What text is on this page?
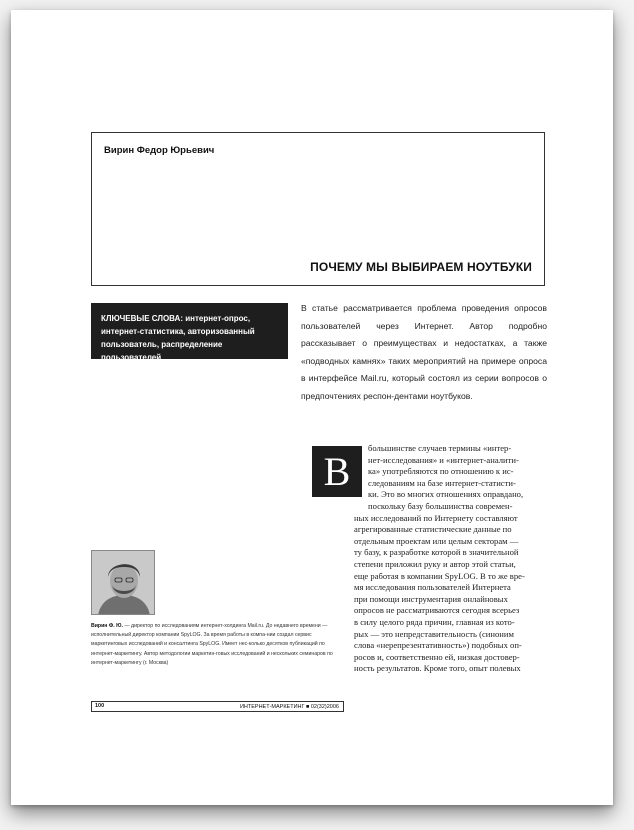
Вирин Федор Юрьевич
ПОЧЕМУ МЫ ВЫБИРАЕМ НОУТБУКИ
КЛЮЧЕВЫЕ СЛОВА: интернет-опрос, интернет-статистика, авторизованный пользователь, распределение пользователей
В статье рассматривается проблема проведения опросов пользователей через Интернет. Автор подробно рассказывает о преимуществах и недостатках, а также «подводных камнях» таких мероприятий на примере опроса в интерфейсе Mail.ru, который состоял из серии вопросов о предпочтениях респон-дентами ноутбуков.
В
большинстве случаев термины «интер-
нет-исследования» и «интернет-аналити-
ка» употребляются по отношению к ис-
следованиям на базе интернет-статисти-
ки. Это во многих отношениях оправдано,
поскольку базу большинства современ-
ных исследований по Интернету составляют
агрегированные статистические данные по
отдельным проектам или целым секторам —
ту базу, к разработке которой в значительной
степени приложил руку и автор этой статьи,
еще работая в компании SpyLOG. В то же вре-
мя исследования пользователей Интернета
при помощи инструментария онлайновых
опросов не рассматриваются сегодня всерьез
в силу целого ряда причин, главная из кото-
рых — это непредставительность (синоним
слова «нерепрезентативность») подобных оп-
росов и, соответственно ей, низкая достовер-
ность результатов. Кроме того, опыт полевых
Вирин Ф. Ю. — директор по исследованиям интернет-холдинга Mail.ru. До недавнего времени — исполнительный директор компании SpyLOG. За время работы в компа-нии создал сервис маркетинговых исследований и консалтинга SpyLOG. Имеет нес-колько десятков публикаций по интернет-маркетингу. Автор методологии маркетин-говых исследований и нескольких семинаров по интернет-маркетингу (г. Москва)
100	ИНТЕРНЕТ-МАРКЕТИНГ ■ 02(32)2006
